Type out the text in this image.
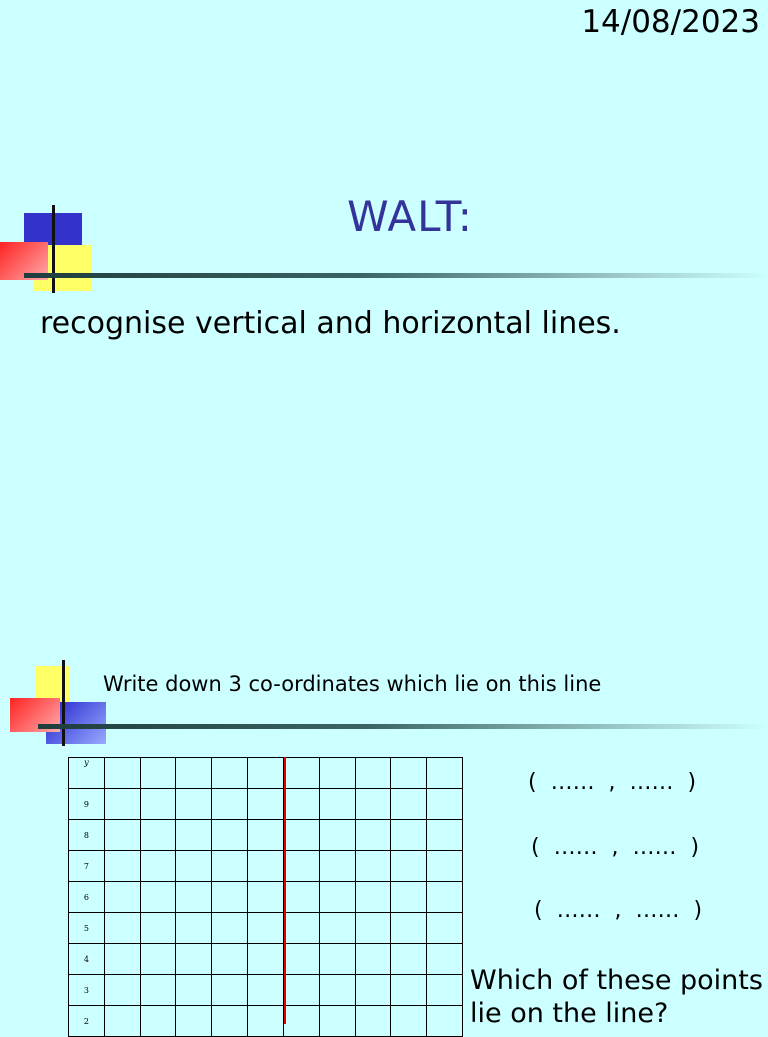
14/08/2023
WALT:
recognise vertical and horizontal lines.
Write down 3 co-ordinates which lie on this line
y										
9										
8										
7										
6										
5										
4										
3										
2										
(  ……  ,  ……  )
(  ……  ,  ……  )
(  ……  ,  ……  )
Which of these points lie on the line?
